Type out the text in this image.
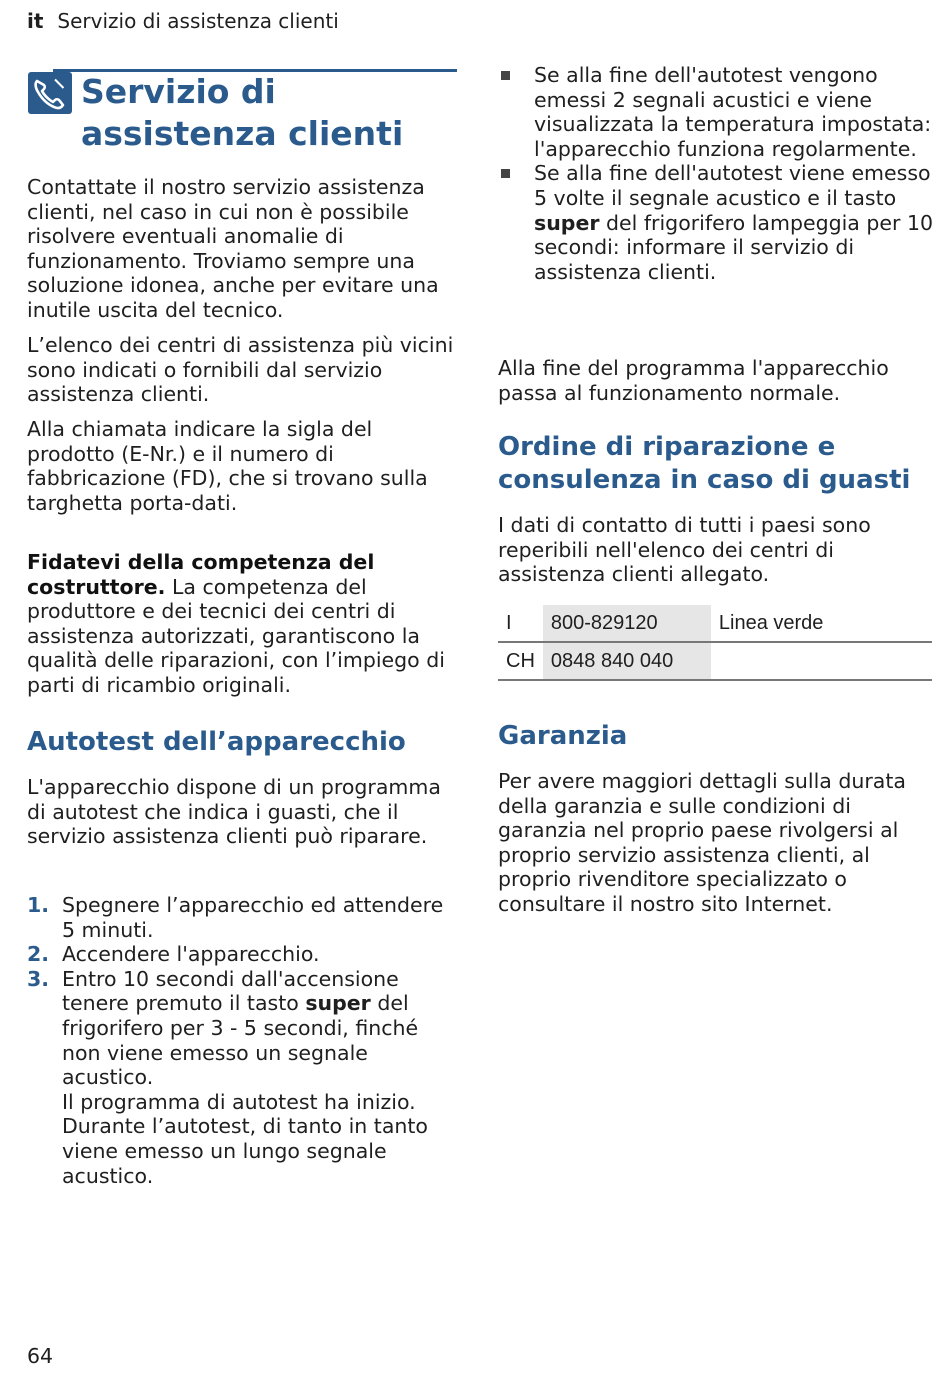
it Servizio di assistenza clienti
Servizio di assistenza clienti

Contattate il nostro servizio assistenza clienti, nel caso in cui non è possibile risolvere eventuali anomalie di funzionamento. Troviamo sempre una soluzione idonea, anche per evitare una inutile uscita del tecnico.

L’elenco dei centri di assistenza più vicini sono indicati o fornibili dal servizio assistenza clienti.

Alla chiamata indicare la sigla del prodotto (E-Nr.) e il numero di fabbricazione (FD), che si trovano sulla targhetta porta-dati.

Fidatevi della competenza del costruttore. La competenza del produttore e dei tecnici dei centri di assistenza autorizzati, garantiscono la qualità delle riparazioni, con l’impiego di parti di ricambio originali.

Autotest dell’apparecchio

L'apparecchio dispone di un programma di autotest che indica i guasti, che il servizio assistenza clienti può riparare.

1. Spegnere l’apparecchio ed attendere 5 minuti.
2. Accendere l'apparecchio.
3. Entro 10 secondi dall'accensione tenere premuto il tasto super del frigorifero per 3 - 5 secondi, finché non viene emesso un segnale acustico.
Il programma di autotest ha inizio.
Durante l’autotest, di tanto in tanto viene emesso un lungo segnale acustico.
Se alla fine dell'autotest vengono emessi 2 segnali acustici e viene visualizzata la temperatura impostata: l'apparecchio funziona regolarmente.
Se alla fine dell'autotest viene emesso 5 volte il segnale acustico e il tasto super del frigorifero lampeggia per 10 secondi: informare il servizio di assistenza clienti.

Alla fine del programma l'apparecchio passa al funzionamento normale.

Ordine di riparazione e consulenza in caso di guasti

I dati di contatto di tutti i paesi sono reperibili nell'elenco dei centri di assistenza clienti allegato.

I	800-829120	Linea verde
CH	0848 840 040	
Garanzia

Per avere maggiori dettagli sulla durata della garanzia e sulle condizioni di garanzia nel proprio paese rivolgersi al proprio servizio assistenza clienti, al proprio rivenditore specializzato o consultare il nostro sito Internet.

64
